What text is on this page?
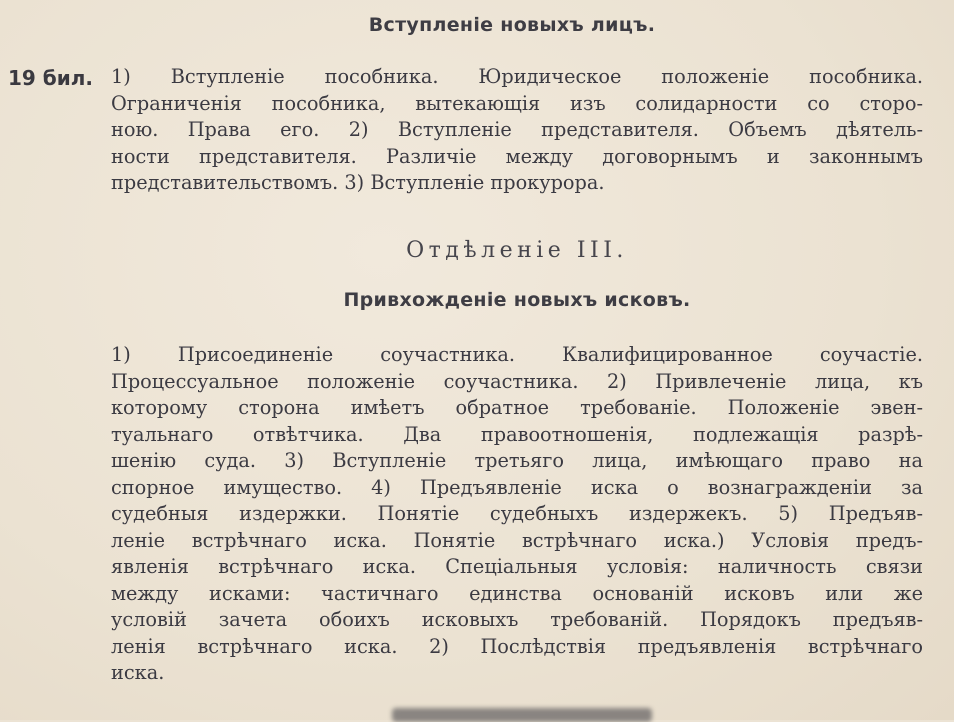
Вступленіе новыхъ лицъ.
19 бил. 1) Вступленіе пособника. Юридическое положеніе пособника.
Ограниченія пособника, вытекающія изъ солидарности со сторо-
ною. Права его. 2) Вступленіе представителя. Объемъ дѣятель-
ности представителя. Различіе между договорнымъ и законнымъ
представительствомъ. 3) Вступленіе прокурора.
Отдѣленіе III.
Привхожденіе новыхъ исковъ.
1) Присоединеніе соучастника. Квалифицированное соучастіе.
Процессуальное положеніе соучастника. 2) Привлеченіе лица, къ
которому сторона имѣетъ обратное требованіе. Положеніе эвен-
туальнаго отвѣтчика. Два правоотношенія, подлежащія разрѣ-
шенію суда. 3) Вступленіе третьяго лица, имѣющаго право на
спорное имущество. 4) Предъявленіе иска о вознагражденіи за
судебныя издержки. Понятіе судебныхъ издержекъ. 5) Предъяв-
леніе встрѣчнаго иска. Понятіе встрѣчнаго иска.) Условія предъ-
явленія встрѣчнаго иска. Спеціальныя условія: наличность связи
между исками: частичнаго единства основаній исковъ или же
условій зачета обоихъ исковыхъ требованій. Порядокъ предъяв-
ленія встрѣчнаго иска. 2) Послѣдствія предъявленія встрѣчнаго
иска.
